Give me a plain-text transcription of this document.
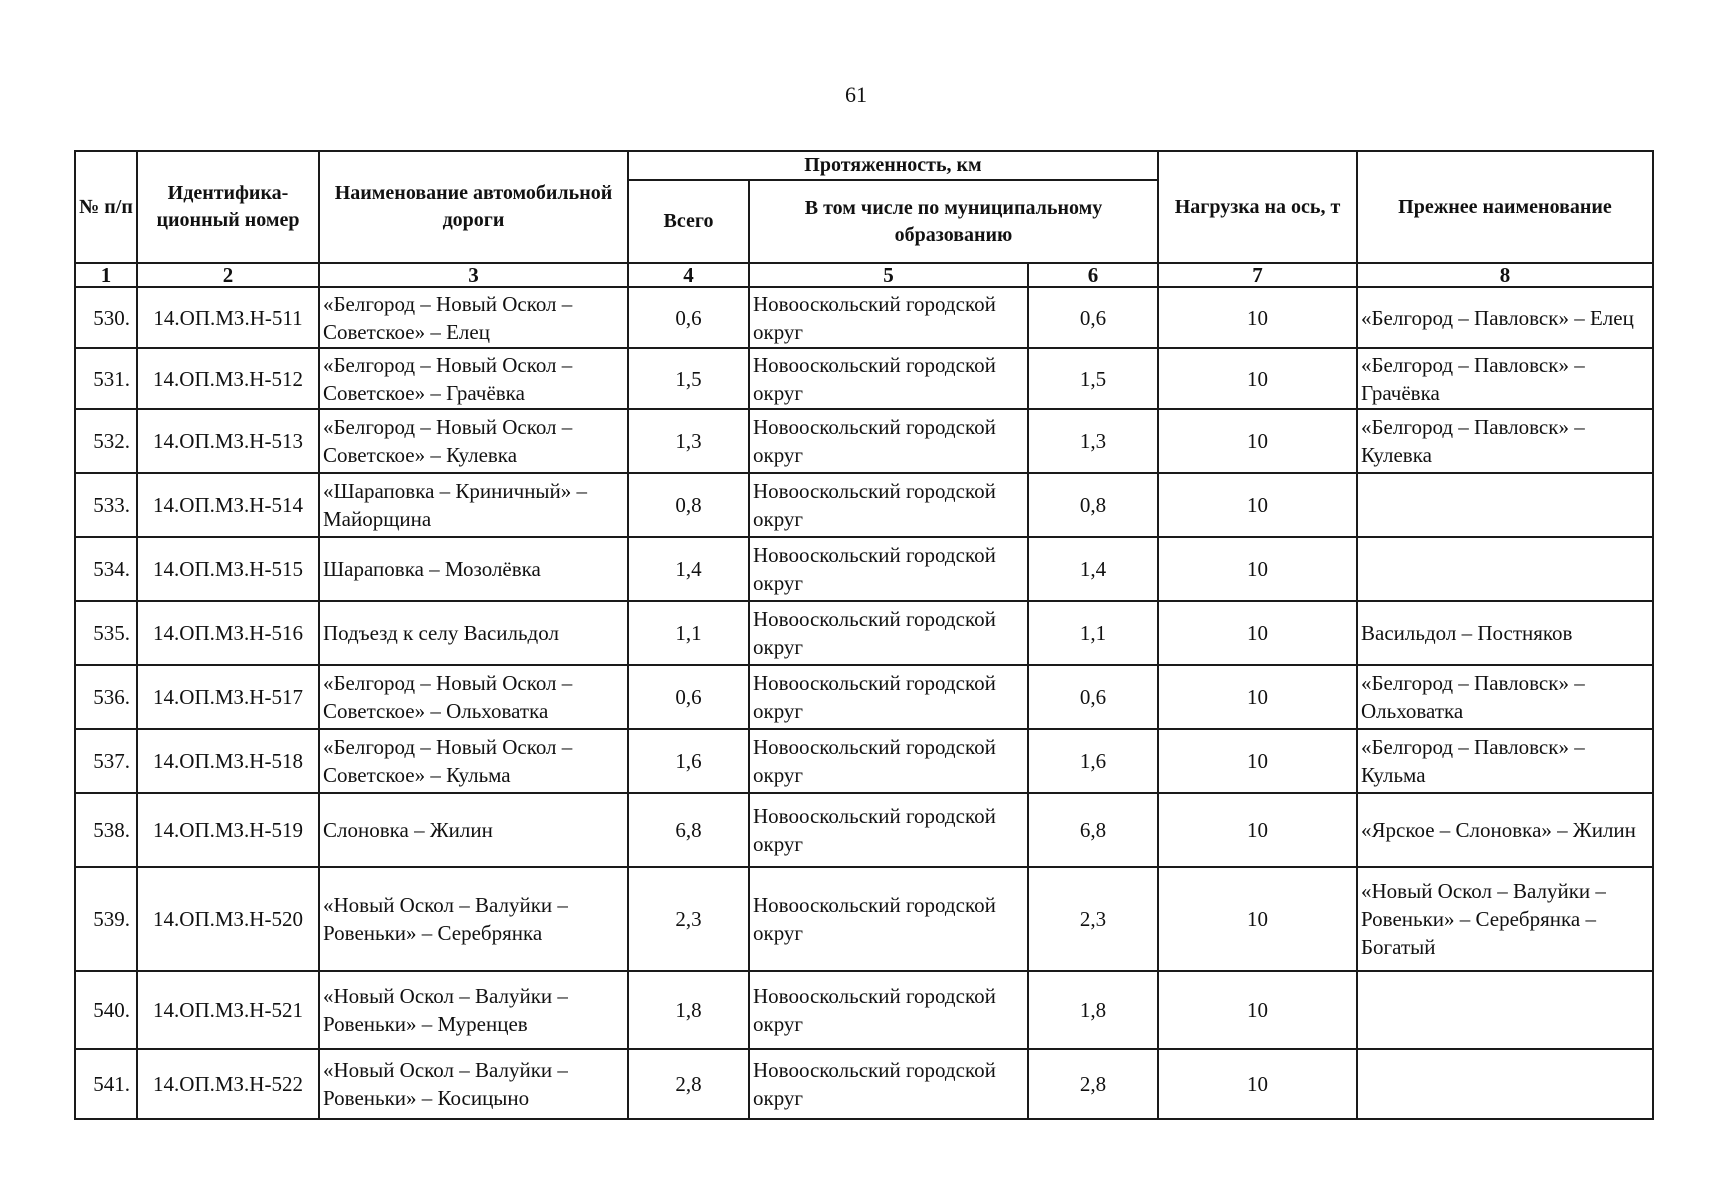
61
№ п/п	Идентифика-ционный номер	Наименование автомобильной дороги	Протяженность, км			Нагрузка на ось, т	Прежнее наименование
			Всего	В том числе по муниципальному образованию			
1	2	3	4	5	6	7	8
530.	14.ОП.МЗ.Н-511	«Белгород – Новый Оскол – Советское» – Елец	0,6	Новооскольский городской округ	0,6	10	«Белгород – Павловск» – Елец
531.	14.ОП.МЗ.Н-512	«Белгород – Новый Оскол – Советское» – Грачёвка	1,5	Новооскольский городской округ	1,5	10	«Белгород – Павловск» – Грачёвка
532.	14.ОП.МЗ.Н-513	«Белгород – Новый Оскол – Советское» – Кулевка	1,3	Новооскольский городской округ	1,3	10	«Белгород – Павловск» – Кулевка
533.	14.ОП.МЗ.Н-514	«Шараповка – Криничный» – Майорщина	0,8	Новооскольский городской округ	0,8	10	
534.	14.ОП.МЗ.Н-515	Шараповка – Мозолёвка	1,4	Новооскольский городской округ	1,4	10	
535.	14.ОП.МЗ.Н-516	Подъезд к селу Васильдол	1,1	Новооскольский городской округ	1,1	10	Васильдол – Постняков
536.	14.ОП.МЗ.Н-517	«Белгород – Новый Оскол – Советское» – Ольховатка	0,6	Новооскольский городской округ	0,6	10	«Белгород – Павловск» – Ольховатка
537.	14.ОП.МЗ.Н-518	«Белгород – Новый Оскол – Советское» – Кульма	1,6	Новооскольский городской округ	1,6	10	«Белгород – Павловск» – Кульма
538.	14.ОП.МЗ.Н-519	Слоновка – Жилин	6,8	Новооскольский городской округ	6,8	10	«Ярское – Слоновка» – Жилин
539.	14.ОП.МЗ.Н-520	«Новый Оскол – Валуйки – Ровеньки» – Серебрянка	2,3	Новооскольский городской округ	2,3	10	«Новый Оскол – Валуйки – Ровеньки» – Серебрянка – Богатый
540.	14.ОП.МЗ.Н-521	«Новый Оскол – Валуйки – Ровеньки» – Муренцев	1,8	Новооскольский городской округ	1,8	10	
541.	14.ОП.МЗ.Н-522	«Новый Оскол – Валуйки – Ровеньки» – Косицыно	2,8	Новооскольский городской округ	2,8	10	
